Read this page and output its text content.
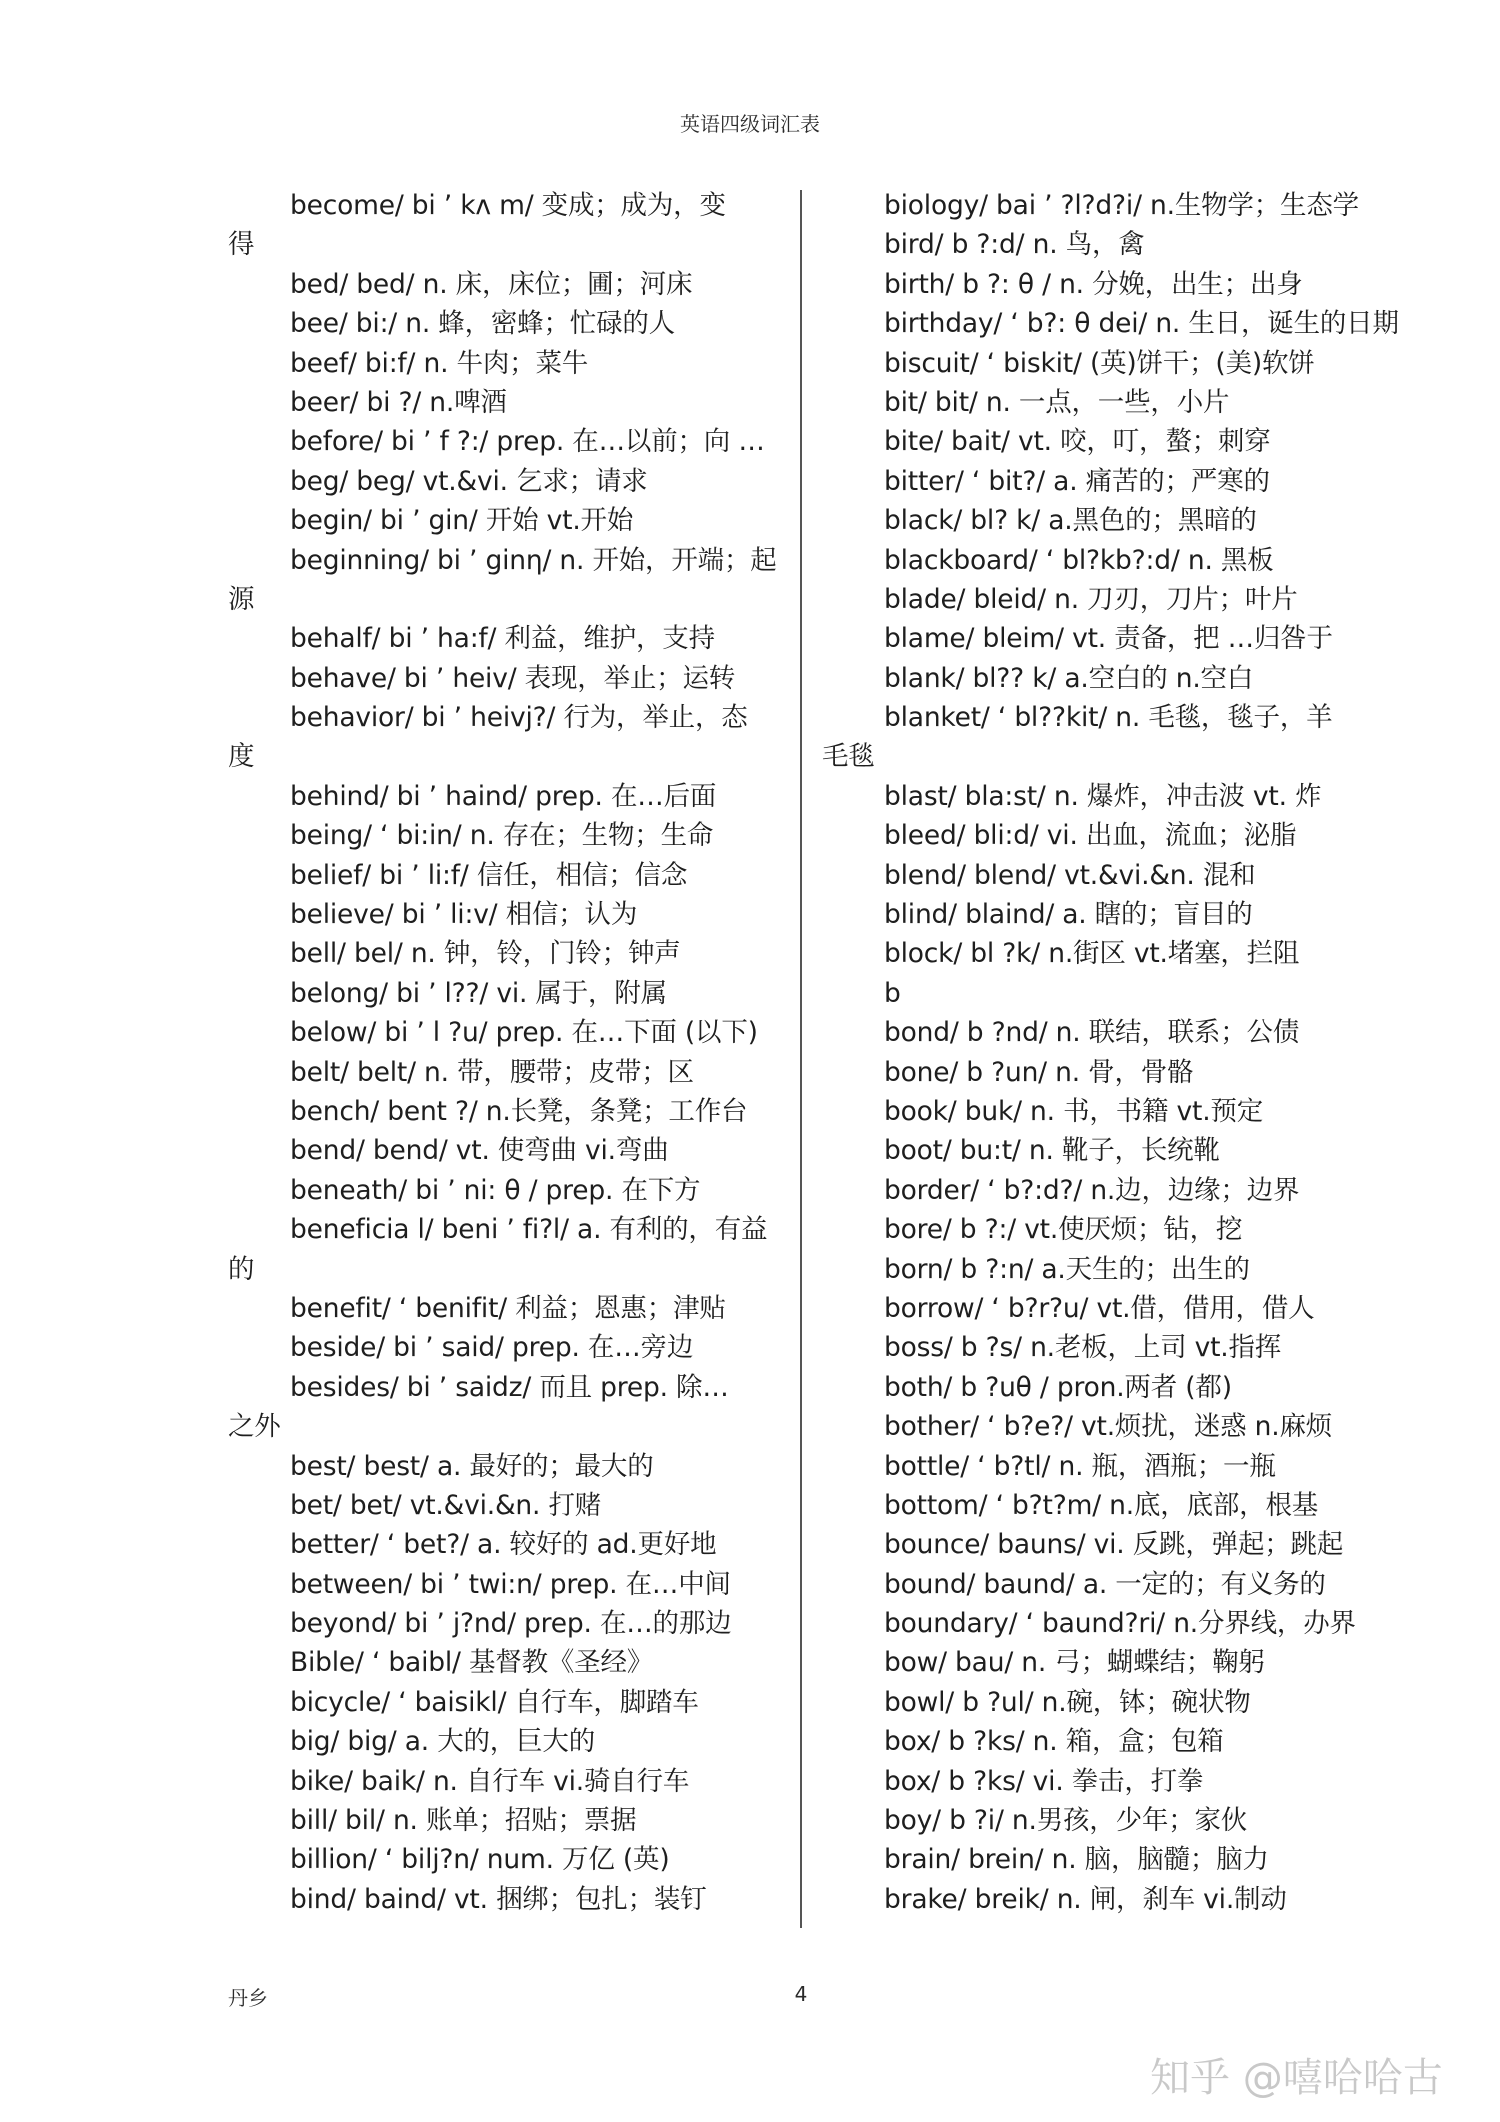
英语四级词汇表
become/ bi ’ kʌ m/ 变成；成为，变
得
bed/ bed/ n. 床，床位；圃；河床
bee/ bi:/ n. 蜂，密蜂；忙碌的人
beef/ bi:f/ n. 牛肉；菜牛
beer/ bi ?/ n.啤酒
before/ bi ’ f ?:/ prep. 在…以前；向 …
beg/ beg/ vt.&vi. 乞求；请求
begin/ bi ’ gin/ 开始 vt.开始
beginning/ bi ’ ginη/ n. 开始，开端；起
源
behalf/ bi ’ ha:f/ 利益，维护，支持
behave/ bi ’ heiv/ 表现，举止；运转
behavior/ bi ’ heivj?/ 行为，举止，态
度
behind/ bi ’ haind/ prep. 在…后面
being/ ‘ bi:in/ n. 存在；生物；生命
belief/ bi ’ li:f/ 信任，相信；信念
believe/ bi ’ li:v/ 相信；认为
bell/ bel/ n. 钟，铃，门铃；钟声
belong/ bi ’ l??/ vi. 属于，附属
below/ bi ’ l ?u/ prep. 在…下面 (以下)
belt/ belt/ n. 带，腰带；皮带；区
bench/ bent ?/ n.长凳，条凳；工作台
bend/ bend/ vt. 使弯曲 vi.弯曲
beneath/ bi ’ ni: θ / prep. 在下方
beneficia l/ beni ’ fi?l/ a. 有利的，有益
的
benefit/ ‘ benifit/ 利益；恩惠；津贴
beside/ bi ’ said/ prep. 在…旁边
besides/ bi ’ saidz/ 而且 prep. 除…
之外
best/ best/ a. 最好的；最大的
bet/ bet/ vt.&vi.&n. 打赌
better/ ‘ bet?/ a. 较好的 ad.更好地
between/ bi ’ twi:n/ prep. 在…中间
beyond/ bi ’ j?nd/ prep. 在…的那边
Bible/ ‘ baibl/ 基督教《圣经》
bicycle/ ‘ baisikl/ 自行车，脚踏车
big/ big/ a. 大的，巨大的
bike/ baik/ n. 自行车 vi.骑自行车
bill/ bil/ n. 账单；招贴；票据
billion/ ‘ bilj?n/ num. 万亿 (英)
bind/ baind/ vt. 捆绑；包扎；装钉
biology/ bai ’ ?l?d?i/ n.生物学；生态学
bird/ b ?:d/ n. 鸟，禽
birth/ b ?: θ / n. 分娩，出生；出身
birthday/ ‘ b?: θ dei/ n. 生日，诞生的日期
biscuit/ ‘ biskit/ (英)饼干；(美)软饼
bit/ bit/ n. 一点，一些，小片
bite/ bait/ vt. 咬，叮，螯；刺穿
bitter/ ‘ bit?/ a. 痛苦的；严寒的
black/ bl? k/ a.黑色的；黑暗的
blackboard/ ‘ bl?kb?:d/ n. 黑板
blade/ bleid/ n. 刀刃，刀片；叶片
blame/ bleim/ vt. 责备，把 …归咎于
blank/ bl?? k/ a.空白的 n.空白
blanket/ ‘ bl??kit/ n. 毛毯，毯子，羊
毛毯
blast/ bla:st/ n. 爆炸，冲击波 vt. 炸
bleed/ bli:d/ vi. 出血，流血；泌脂
blend/ blend/ vt.&vi.&n. 混和
blind/ blaind/ a. 瞎的；盲目的
block/ bl ?k/ n.街区 vt.堵塞，拦阻
b
bond/ b ?nd/ n. 联结，联系；公债
bone/ b ?un/ n. 骨，骨骼
book/ buk/ n. 书，书籍 vt.预定
boot/ bu:t/ n. 靴子，长统靴
border/ ‘ b?:d?/ n.边，边缘；边界
bore/ b ?:/ vt.使厌烦；钻，挖
born/ b ?:n/ a.天生的；出生的
borrow/ ‘ b?r?u/ vt.借，借用，借人
boss/ b ?s/ n.老板，上司 vt.指挥
both/ b ?uθ / pron.两者 (都)
bother/ ‘ b?e?/ vt.烦扰，迷惑 n.麻烦
bottle/ ‘ b?tl/ n. 瓶，酒瓶；一瓶
bottom/ ‘ b?t?m/ n.底，底部，根基
bounce/ bauns/ vi. 反跳，弹起；跳起
bound/ baund/ a. 一定的；有义务的
boundary/ ‘ baund?ri/ n.分界线，办界
bow/ bau/ n. 弓；蝴蝶结；鞠躬
bowl/ b ?ul/ n.碗，钵；碗状物
box/ b ?ks/ n. 箱，盒；包箱
box/ b ?ks/ vi. 拳击，打拳
boy/ b ?i/ n.男孩，少年；家伙
brain/ brein/ n. 脑，脑髓；脑力
brake/ breik/ n. 闸，刹车 vi.制动
丹乡	4
知乎 @嘻哈哈古
